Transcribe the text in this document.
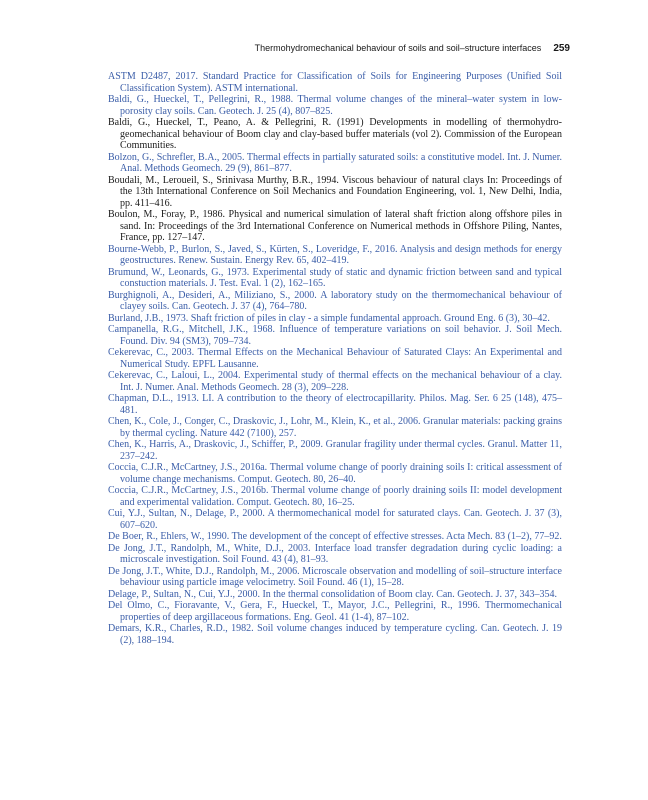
Thermohydromechanical behaviour of soils and soil–structure interfaces 259

ASTM D2487, 2017. Standard Practice for Classification of Soils for Engineering Purposes (Unified Soil Classification System). ASTM international.

Baldi, G., Hueckel, T., Pellegrini, R., 1988. Thermal volume changes of the mineral–water system in low-porosity clay soils. Can. Geotech. J. 25 (4), 807–825.

Baldi, G., Hueckel, T., Peano, A. & Pellegrini, R. (1991) Developments in modelling of thermohydro-geomechanical behaviour of Boom clay and clay-based buffer materials (vol 2). Commission of the European Communities.

Bolzon, G., Schrefler, B.A., 2005. Thermal effects in partially saturated soils: a constitutive model. Int. J. Numer. Anal. Methods Geomech. 29 (9), 861–877.

Boudali, M., Leroueil, S., Srinivasa Murthy, B.R., 1994. Viscous behaviour of natural clays In: Proceedings of the 13th International Conference on Soil Mechanics and Foundation Engineering, vol. 1, New Delhi, India, pp. 411–416.

Boulon, M., Foray, P., 1986. Physical and numerical simulation of lateral shaft friction along offshore piles in sand. In: Proceedings of the 3rd International Conference on Numerical methods in Offshore Piling, Nantes, France, pp. 127–147.

Bourne-Webb, P., Burlon, S., Javed, S., Kürten, S., Loveridge, F., 2016. Analysis and design methods for energy geostructures. Renew. Sustain. Energy Rev. 65, 402–419.

Brumund, W., Leonards, G., 1973. Experimental study of static and dynamic friction between sand and typical constuction materials. J. Test. Eval. 1 (2), 162–165.

Burghignoli, A., Desideri, A., Miliziano, S., 2000. A laboratory study on the thermomechanical behaviour of clayey soils. Can. Geotech. J. 37 (4), 764–780.

Burland, J.B., 1973. Shaft friction of piles in clay - a simple fundamental approach. Ground Eng. 6 (3), 30–42.

Campanella, R.G., Mitchell, J.K., 1968. Influence of temperature variations on soil behavior. J. Soil Mech. Found. Div. 94 (SM3), 709–734.

Cekerevac, C., 2003. Thermal Effects on the Mechanical Behaviour of Saturated Clays: An Experimental and Numerical Study. EPFL Lausanne.

Cekerevac, C., Laloui, L., 2004. Experimental study of thermal effects on the mechanical behaviour of a clay. Int. J. Numer. Anal. Methods Geomech. 28 (3), 209–228.

Chapman, D.L., 1913. LI. A contribution to the theory of electrocapillarity. Philos. Mag. Ser. 6 25 (148), 475–481.

Chen, K., Cole, J., Conger, C., Draskovic, J., Lohr, M., Klein, K., et al., 2006. Granular materials: packing grains by thermal cycling. Nature 442 (7100), 257.

Chen, K., Harris, A., Draskovic, J., Schiffer, P., 2009. Granular fragility under thermal cycles. Granul. Matter 11, 237–242.

Coccia, C.J.R., McCartney, J.S., 2016a. Thermal volume change of poorly draining soils I: critical assessment of volume change mechanisms. Comput. Geotech. 80, 26–40.

Coccia, C.J.R., McCartney, J.S., 2016b. Thermal volume change of poorly draining soils II: model development and experimental validation. Comput. Geotech. 80, 16–25.

Cui, Y.J., Sultan, N., Delage, P., 2000. A thermomechanical model for saturated clays. Can. Geotech. J. 37 (3), 607–620.

De Boer, R., Ehlers, W., 1990. The development of the concept of effective stresses. Acta Mech. 83 (1–2), 77–92.

De Jong, J.T., Randolph, M., White, D.J., 2003. Interface load transfer degradation during cyclic loading: a microscale investigation. Soil Found. 43 (4), 81–93.

De Jong, J.T., White, D.J., Randolph, M., 2006. Microscale observation and modelling of soil–structure interface behaviour using particle image velocimetry. Soil Found. 46 (1), 15–28.

Delage, P., Sultan, N., Cui, Y.J., 2000. In the thermal consolidation of Boom clay. Can. Geotech. J. 37, 343–354.

Del Olmo, C., Fioravante, V., Gera, F., Hueckel, T., Mayor, J.C., Pellegrini, R., 1996. Thermomechanical properties of deep argillaceous formations. Eng. Geol. 41 (1-4), 87–102.

Demars, K.R., Charles, R.D., 1982. Soil volume changes induced by temperature cycling. Can. Geotech. J. 19 (2), 188–194.
